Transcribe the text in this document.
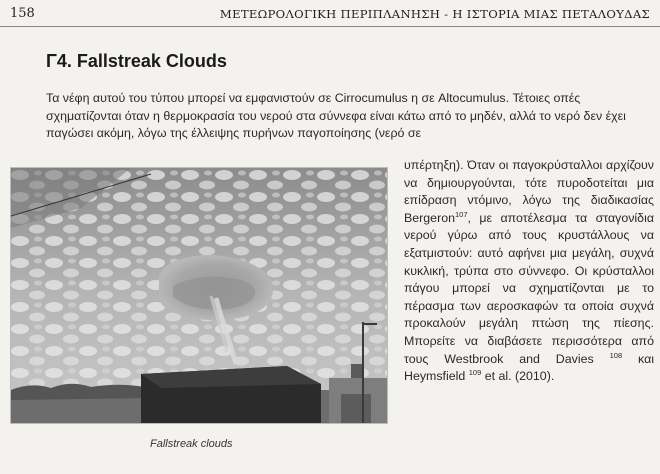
158	ΜΕΤΕΩΡΟΛΟΓΙΚΗ ΠΕΡΙΠΛΑΝΗΣΗ - Η ΙΣΤΟΡΙΑ ΜΙΑΣ ΠΕΤΑΛΟΥΔΑΣ
Γ4. Fallstreak Clouds

Τα νέφη αυτού του τύπου μπορεί να εμφανιστούν σε Cirrocumulus η σε Altocumulus. Τέτοιες οπές σχηματίζονται όταν η θερμοκρασία του νερού στα σύννεφα είναι κάτω από το μηδέν, αλλά το νερό δεν έχει παγώσει ακόμη, λόγω της έλλειψης πυρήνων παγοποίησης (νερό σε

υπέρτηξη). Όταν οι παγοκρύσταλλοι αρχίζουν να δημιουργούνται, τότε πυροδοτείται μια επίδραση ντόμινο, λόγω της διαδικασίας Bergeron$^{107}$, με αποτέλεσμα τα σταγονίδια νερού γύρω από τους κρυστάλλους να εξατμιστούν: αυτό αφήνει μια μεγάλη, συχνά κυκλική, τρύπα στο σύννεφο. Οι κρύσταλλοι πάγου μπορεί να σχηματίζονται με το πέρασμα των αεροσκαφών τα οποία συχνά προκαλούν μεγάλη πτώση της πίεσης. Μπορείτε να διαβάσετε περισσότερα από τους Westbrook and Davies $^{108}$ και Heymsfield $^{109}$ et al. (2010).

Fallstreak clouds
